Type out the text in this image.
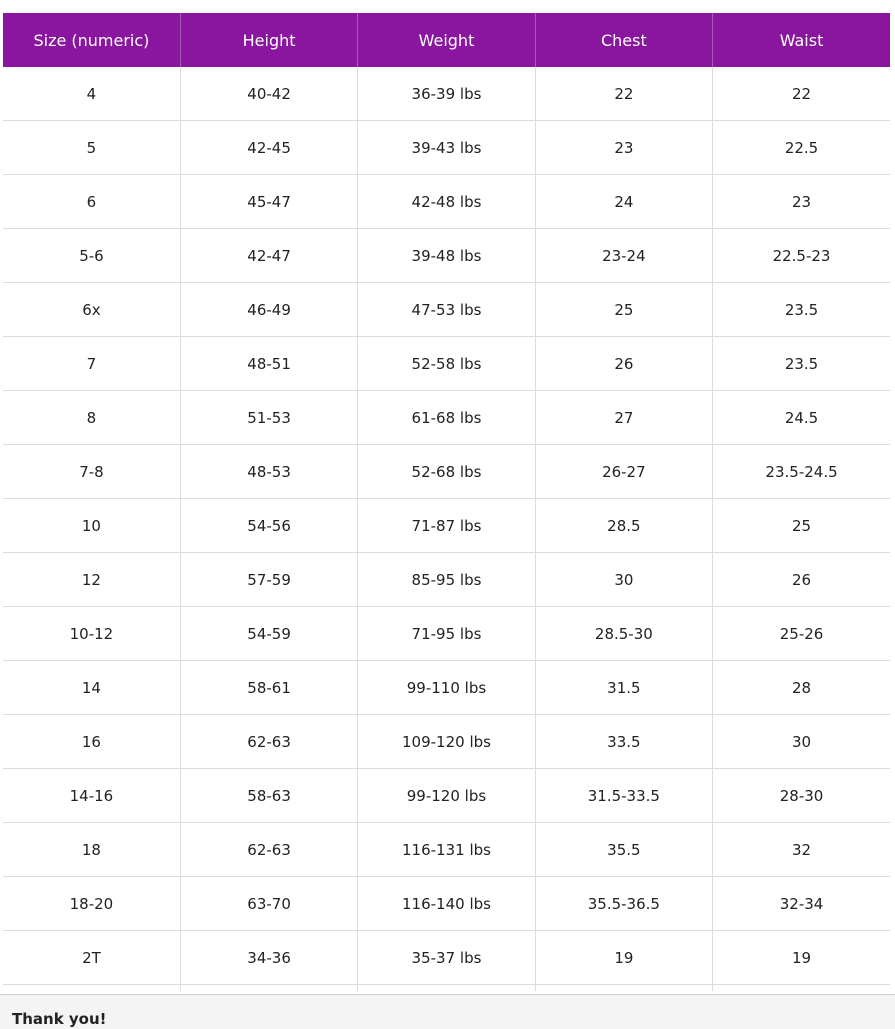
Size (numeric)	Height	Weight	Chest	Waist
4	40-42	36-39 lbs	22	22
5	42-45	39-43 lbs	23	22.5
6	45-47	42-48 lbs	24	23
5-6	42-47	39-48 lbs	23-24	22.5-23
6x	46-49	47-53 lbs	25	23.5
7	48-51	52-58 lbs	26	23.5
8	51-53	61-68 lbs	27	24.5
7-8	48-53	52-68 lbs	26-27	23.5-24.5
10	54-56	71-87 lbs	28.5	25
12	57-59	85-95 lbs	30	26
10-12	54-59	71-95 lbs	28.5-30	25-26
14	58-61	99-110 lbs	31.5	28
16	62-63	109-120 lbs	33.5	30
14-16	58-63	99-120 lbs	31.5-33.5	28-30
18	62-63	116-131 lbs	35.5	32
18-20	63-70	116-140 lbs	35.5-36.5	32-34
2T	34-36	35-37 lbs	19	19

Thank you!
